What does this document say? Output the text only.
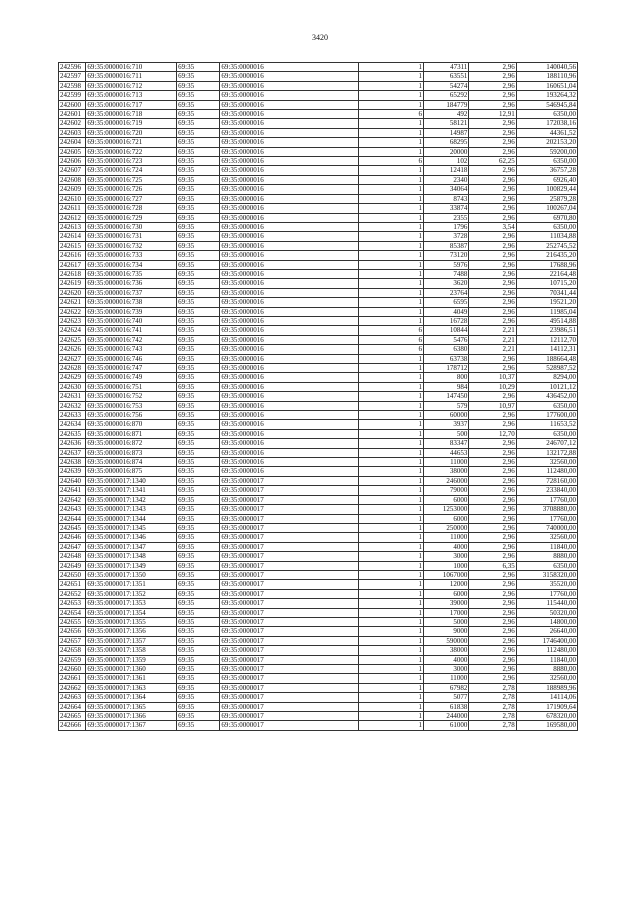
3420
242596	69:35:0000016:710	69:35	69:35:0000016	1	47311	2,96	140040,56
242597	69:35:0000016:711	69:35	69:35:0000016	1	63551	2,96	188110,96
242598	69:35:0000016:712	69:35	69:35:0000016	1	54274	2,96	160651,04
242599	69:35:0000016:713	69:35	69:35:0000016	1	65292	2,96	193264,32
242600	69:35:0000016:717	69:35	69:35:0000016	1	184779	2,96	546945,84
242601	69:35:0000016:718	69:35	69:35:0000016	6	492	12,91	6350,00
242602	69:35:0000016:719	69:35	69:35:0000016	1	58121	2,96	172038,16
242603	69:35:0000016:720	69:35	69:35:0000016	1	14987	2,96	44361,52
242604	69:35:0000016:721	69:35	69:35:0000016	1	68295	2,96	202153,20
242605	69:35:0000016:722	69:35	69:35:0000016	1	20000	2,96	59200,00
242606	69:35:0000016:723	69:35	69:35:0000016	6	102	62,25	6350,00
242607	69:35:0000016:724	69:35	69:35:0000016	1	12418	2,96	36757,28
242608	69:35:0000016:725	69:35	69:35:0000016	1	2340	2,96	6926,40
242609	69:35:0000016:726	69:35	69:35:0000016	1	34064	2,96	100829,44
242610	69:35:0000016:727	69:35	69:35:0000016	1	8743	2,96	25879,28
242611	69:35:0000016:728	69:35	69:35:0000016	1	33874	2,96	100267,04
242612	69:35:0000016:729	69:35	69:35:0000016	1	2355	2,96	6970,80
242613	69:35:0000016:730	69:35	69:35:0000016	1	1796	3,54	6350,00
242614	69:35:0000016:731	69:35	69:35:0000016	1	3728	2,96	11034,88
242615	69:35:0000016:732	69:35	69:35:0000016	1	85387	2,96	252745,52
242616	69:35:0000016:733	69:35	69:35:0000016	1	73120	2,96	216435,20
242617	69:35:0000016:734	69:35	69:35:0000016	1	5976	2,96	17688,96
242618	69:35:0000016:735	69:35	69:35:0000016	1	7488	2,96	22164,48
242619	69:35:0000016:736	69:35	69:35:0000016	1	3620	2,96	10715,20
242620	69:35:0000016:737	69:35	69:35:0000016	1	23764	2,96	70341,44
242621	69:35:0000016:738	69:35	69:35:0000016	1	6595	2,96	19521,20
242622	69:35:0000016:739	69:35	69:35:0000016	1	4049	2,96	11985,04
242623	69:35:0000016:740	69:35	69:35:0000016	1	16728	2,96	49514,88
242624	69:35:0000016:741	69:35	69:35:0000016	6	10844	2,21	23986,51
242625	69:35:0000016:742	69:35	69:35:0000016	6	5476	2,21	12112,70
242626	69:35:0000016:743	69:35	69:35:0000016	6	6380	2,21	14112,31
242627	69:35:0000016:746	69:35	69:35:0000016	1	63738	2,96	188664,48
242628	69:35:0000016:747	69:35	69:35:0000016	1	178712	2,96	528987,52
242629	69:35:0000016:749	69:35	69:35:0000016	1	800	10,37	8294,00
242630	69:35:0000016:751	69:35	69:35:0000016	1	984	10,29	10121,12
242631	69:35:0000016:752	69:35	69:35:0000016	1	147450	2,96	436452,00
242632	69:35:0000016:753	69:35	69:35:0000016	1	579	10,97	6350,00
242633	69:35:0000016:756	69:35	69:35:0000016	1	60000	2,96	177600,00
242634	69:35:0000016:870	69:35	69:35:0000016	1	3937	2,96	11653,52
242635	69:35:0000016:871	69:35	69:35:0000016	1	500	12,70	6350,00
242636	69:35:0000016:872	69:35	69:35:0000016	1	83347	2,96	246707,12
242637	69:35:0000016:873	69:35	69:35:0000016	1	44653	2,96	132172,88
242638	69:35:0000016:874	69:35	69:35:0000016	1	11000	2,96	32560,00
242639	69:35:0000016:875	69:35	69:35:0000016	1	38000	2,96	112480,00
242640	69:35:0000017:1340	69:35	69:35:0000017	1	246000	2,96	728160,00
242641	69:35:0000017:1341	69:35	69:35:0000017	1	79000	2,96	233840,00
242642	69:35:0000017:1342	69:35	69:35:0000017	1	6000	2,96	17760,00
242643	69:35:0000017:1343	69:35	69:35:0000017	1	1253000	2,96	3708880,00
242644	69:35:0000017:1344	69:35	69:35:0000017	1	6000	2,96	17760,00
242645	69:35:0000017:1345	69:35	69:35:0000017	1	250000	2,96	740000,00
242646	69:35:0000017:1346	69:35	69:35:0000017	1	11000	2,96	32560,00
242647	69:35:0000017:1347	69:35	69:35:0000017	1	4000	2,96	11840,00
242648	69:35:0000017:1348	69:35	69:35:0000017	1	3000	2,96	8880,00
242649	69:35:0000017:1349	69:35	69:35:0000017	1	1000	6,35	6350,00
242650	69:35:0000017:1350	69:35	69:35:0000017	1	1067000	2,96	3158320,00
242651	69:35:0000017:1351	69:35	69:35:0000017	1	12000	2,96	35520,00
242652	69:35:0000017:1352	69:35	69:35:0000017	1	6000	2,96	17760,00
242653	69:35:0000017:1353	69:35	69:35:0000017	1	39000	2,96	115440,00
242654	69:35:0000017:1354	69:35	69:35:0000017	1	17000	2,96	50320,00
242655	69:35:0000017:1355	69:35	69:35:0000017	1	5000	2,96	14800,00
242656	69:35:0000017:1356	69:35	69:35:0000017	1	9000	2,96	26640,00
242657	69:35:0000017:1357	69:35	69:35:0000017	1	590000	2,96	1746400,00
242658	69:35:0000017:1358	69:35	69:35:0000017	1	38000	2,96	112480,00
242659	69:35:0000017:1359	69:35	69:35:0000017	1	4000	2,96	11840,00
242660	69:35:0000017:1360	69:35	69:35:0000017	1	3000	2,96	8880,00
242661	69:35:0000017:1361	69:35	69:35:0000017	1	11000	2,96	32560,00
242662	69:35:0000017:1363	69:35	69:35:0000017	1	67982	2,78	188989,96
242663	69:35:0000017:1364	69:35	69:35:0000017	1	5077	2,78	14114,06
242664	69:35:0000017:1365	69:35	69:35:0000017	1	61838	2,78	171909,64
242665	69:35:0000017:1366	69:35	69:35:0000017	1	244000	2,78	678320,00
242666	69:35:0000017:1367	69:35	69:35:0000017	1	61000	2,78	169580,00
